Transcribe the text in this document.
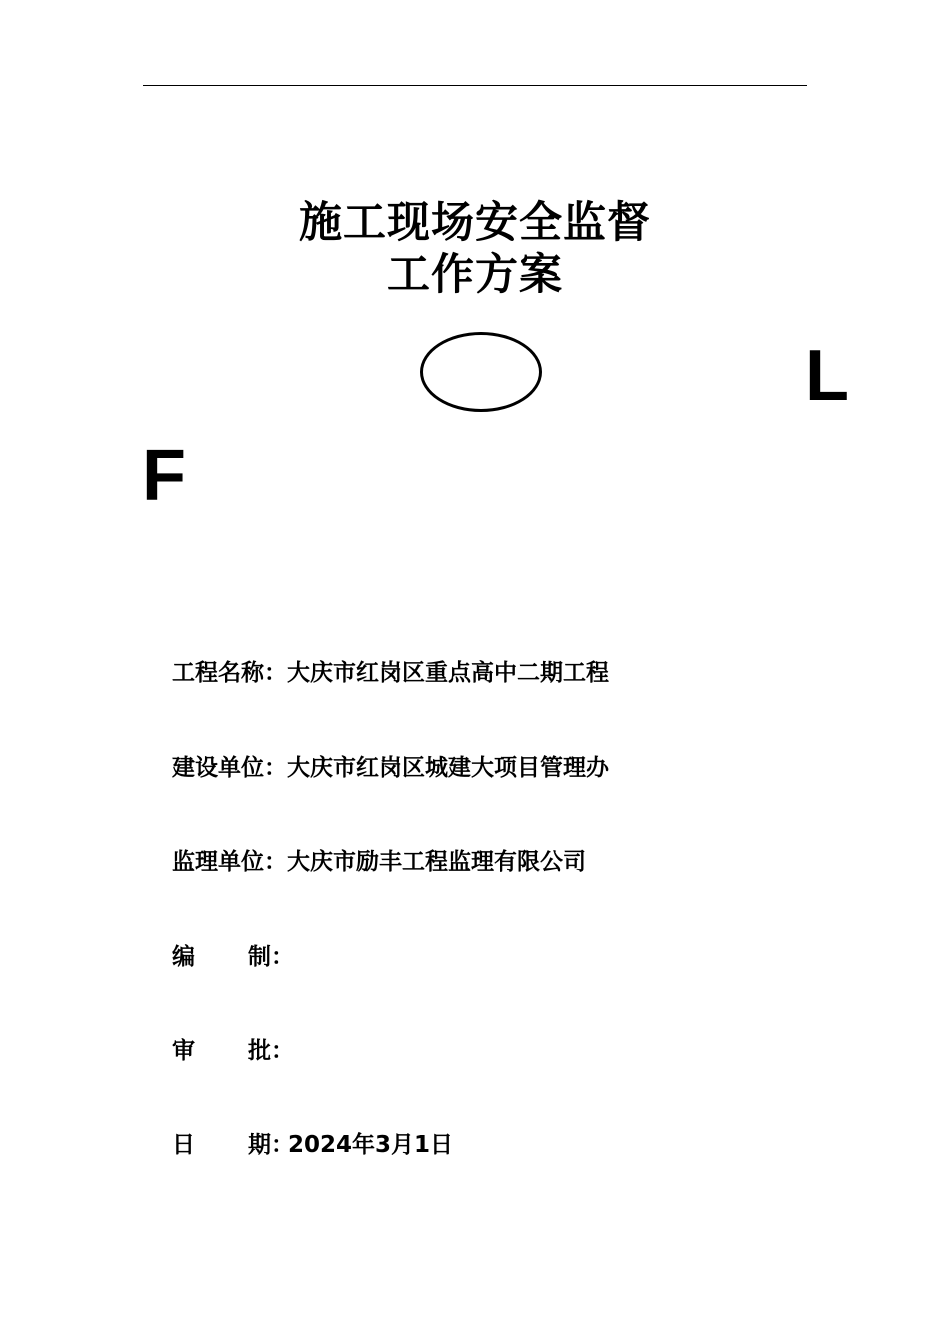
施工现场安全监督
工作方案
L
F
工程名称：大庆市红岗区重点高中二期工程
建设单位：大庆市红岗区城建大项目管理办
监理单位：大庆市励丰工程监理有限公司
编 制：
审 批：
日 期：2024年3月1日
